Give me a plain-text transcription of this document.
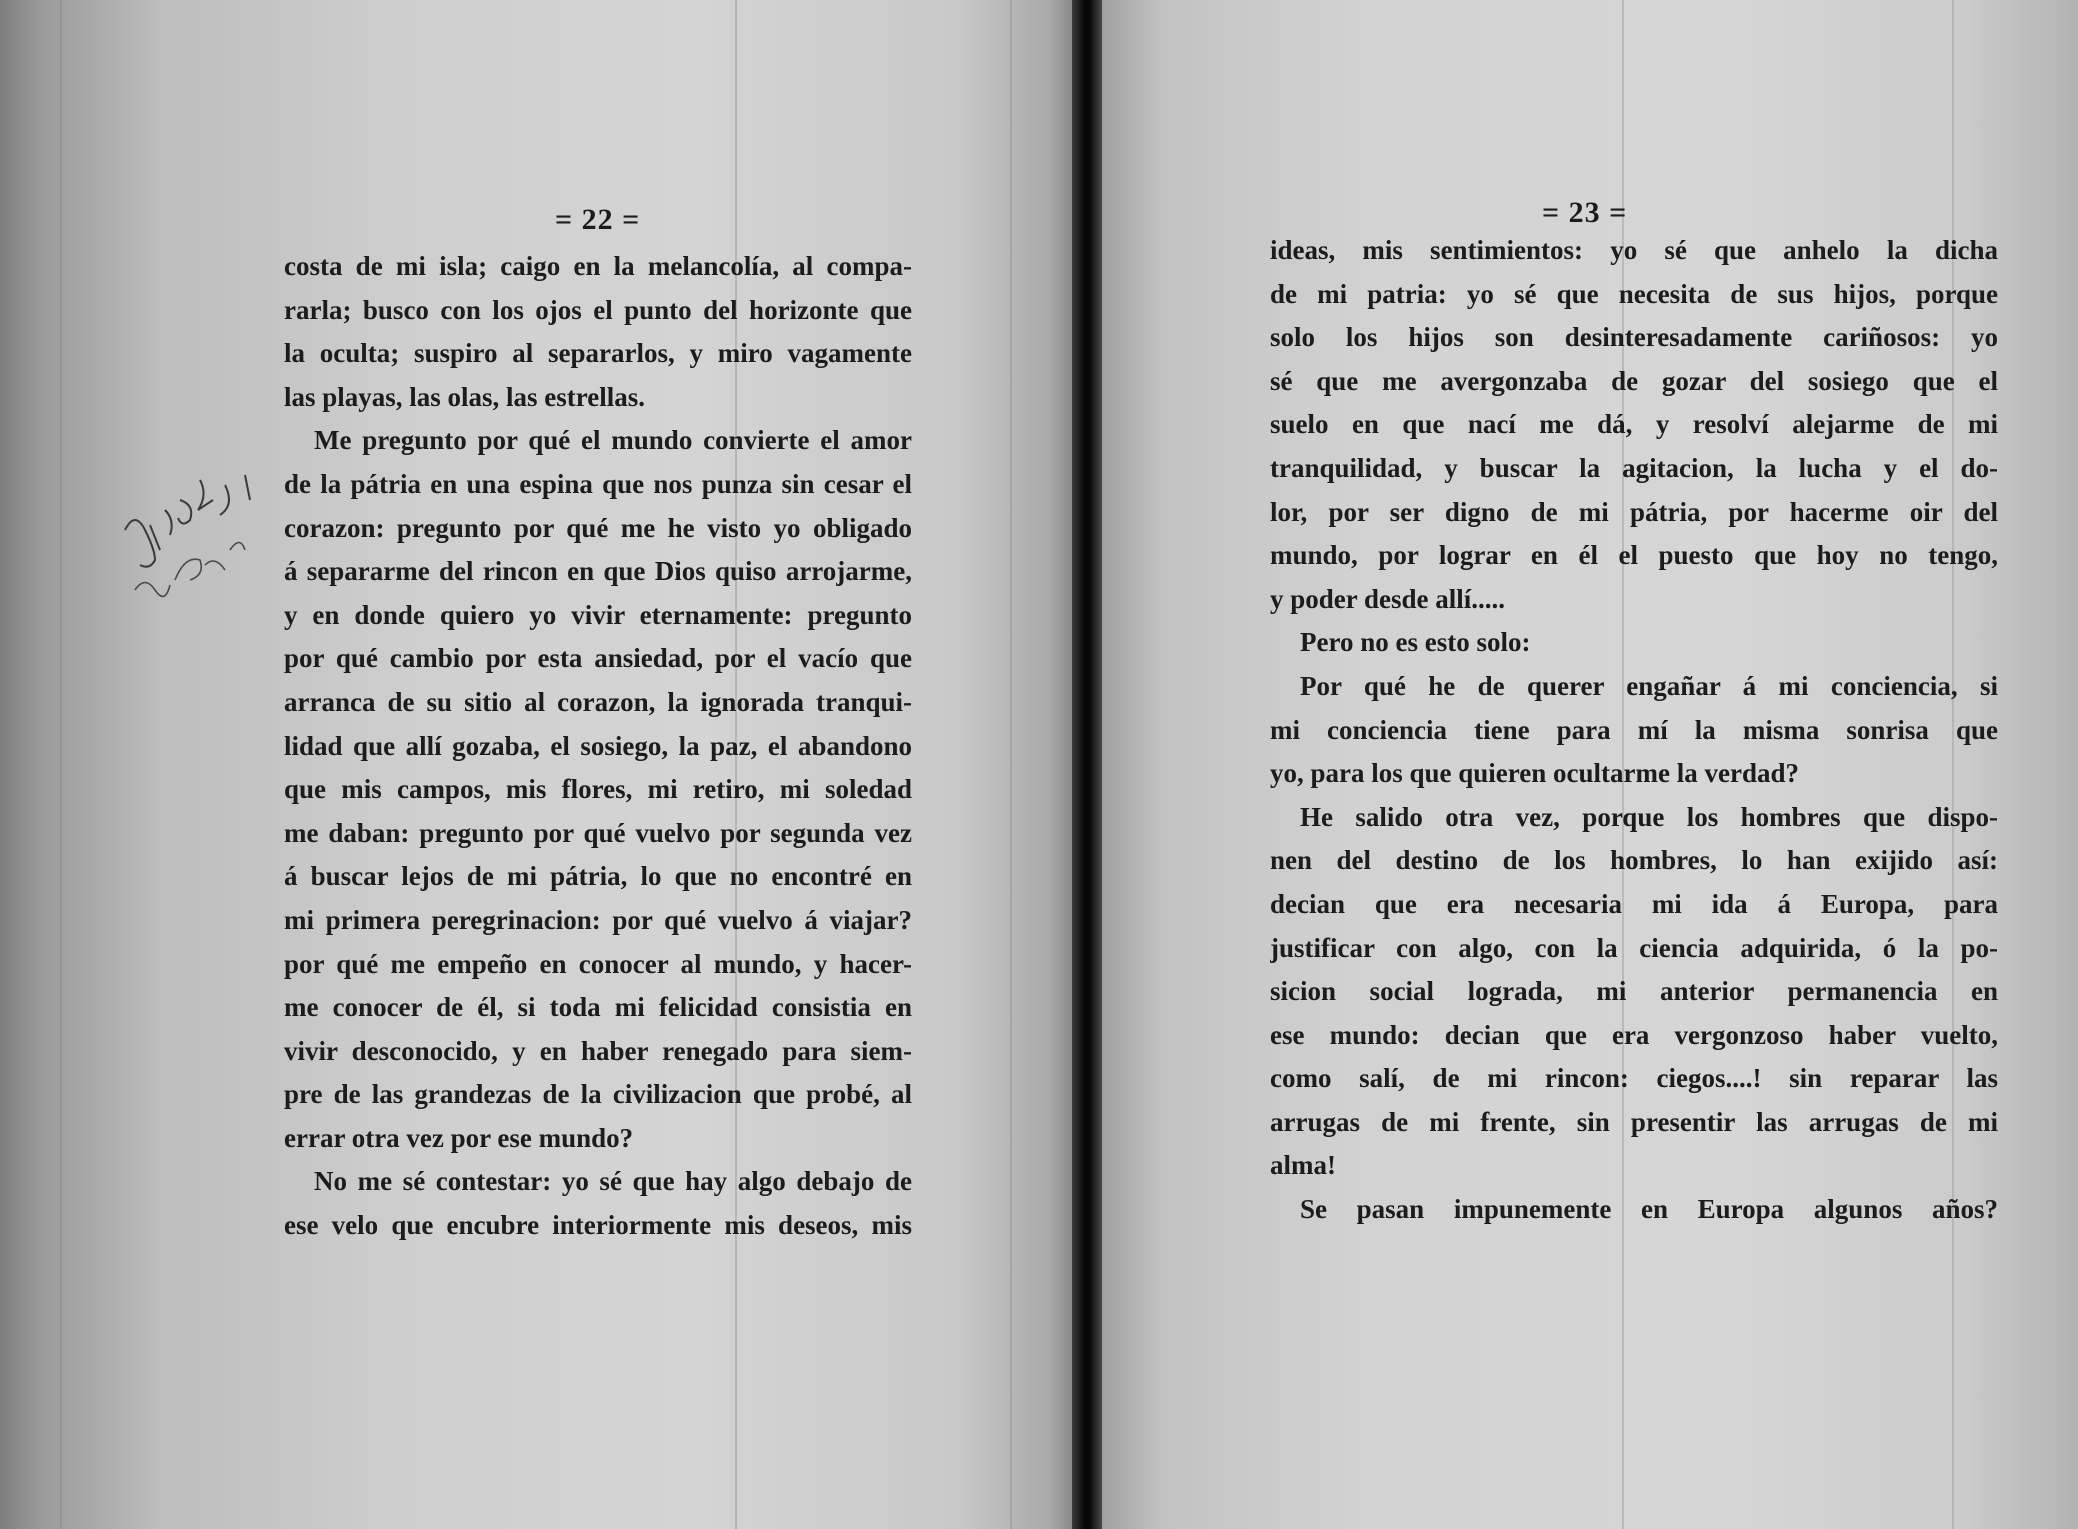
= 22 =
costa de mi isla; caigo en la melancolía, al compa-
rarla; busco con los ojos el punto del horizonte que
la oculta; suspiro al separarlos, y miro vagamente
las playas, las olas, las estrellas.
Me pregunto por qué el mundo convierte el amor
de la pátria en una espina que nos punza sin cesar el
corazon: pregunto por qué me he visto yo obligado
á separarme del rincon en que Dios quiso arrojarme,
y en donde quiero yo vivir eternamente: pregunto
por qué cambio por esta ansiedad, por el vacío que
arranca de su sitio al corazon, la ignorada tranqui-
lidad que allí gozaba, el sosiego, la paz, el abandono
que mis campos, mis flores, mi retiro, mi soledad
me daban: pregunto por qué vuelvo por segunda vez
á buscar lejos de mi pátria, lo que no encontré en
mi primera peregrinacion: por qué vuelvo á viajar?
por qué me empeño en conocer al mundo, y hacer-
me conocer de él, si toda mi felicidad consistia en
vivir desconocido, y en haber renegado para siem-
pre de las grandezas de la civilizacion que probé, al
errar otra vez por ese mundo?
No me sé contestar: yo sé que hay algo debajo de
ese velo que encubre interiormente mis deseos, mis
= 23 =
ideas, mis sentimientos: yo sé que anhelo la dicha
de mi patria: yo sé que necesita de sus hijos, porque
solo los hijos son desinteresadamente cariñosos: yo
sé que me avergonzaba de gozar del sosiego que el
suelo en que nací me dá, y resolví alejarme de mi
tranquilidad, y buscar la agitacion, la lucha y el do-
lor, por ser digno de mi pátria, por hacerme oir del
mundo, por lograr en él el puesto que hoy no tengo,
y poder desde allí.....
Pero no es esto solo:
Por qué he de querer engañar á mi conciencia, si
mi conciencia tiene para mí la misma sonrisa que
yo, para los que quieren ocultarme la verdad?
He salido otra vez, porque los hombres que dispo-
nen del destino de los hombres, lo han exijido así:
decian que era necesaria mi ida á Europa, para
justificar con algo, con la ciencia adquirida, ó la po-
sicion social lograda, mi anterior permanencia en
ese mundo: decian que era vergonzoso haber vuelto,
como salí, de mi rincon: ciegos....! sin reparar las
arrugas de mi frente, sin presentir las arrugas de mi
alma!
Se pasan impunemente en Europa algunos años?
